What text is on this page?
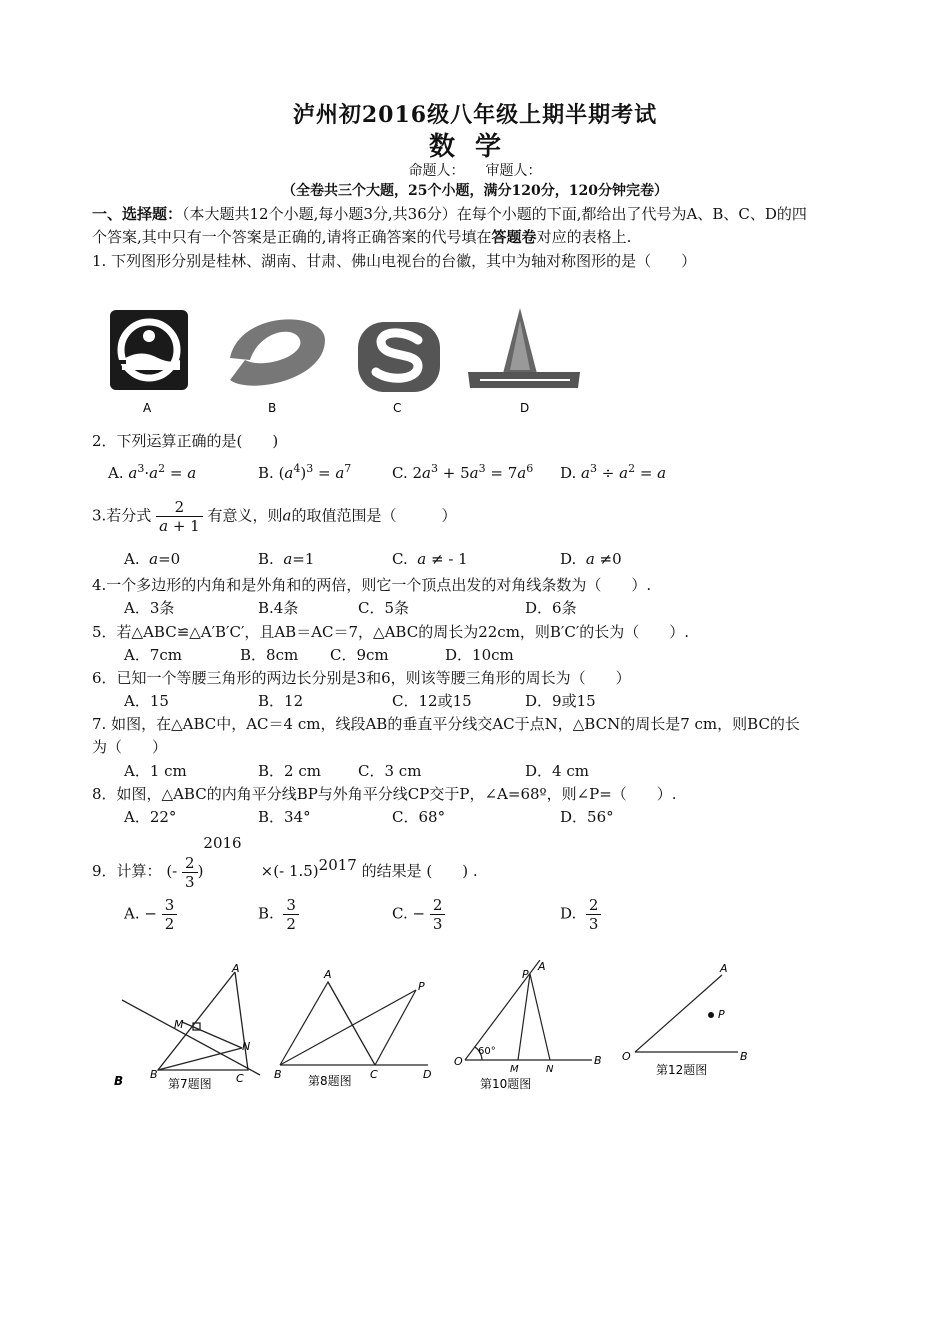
泸州初2016级八年级上期半期考试
数学
命题人：　　审题人：
（全卷共三个大题，25个小题，满分120分，120分钟完卷）
一、选择题：（本大题共12个小题,每小题3分,共36分）在每个小题的下面,都给出了代号为A、B、C、D的四
个答案,其中只有一个答案是正确的,请将正确答案的代号填在答题卷对应的表格上.
1. 下列图形分别是桂林、湖南、甘肃、佛山电视台的台徽，其中为轴对称图形的是（　　）
A	B	C	D
2．下列运算正确的是(　　)
A. $a^3\cdot a^2 = a$	B. $(a^4)^3 = a^7$	C. $2a^3 + 5a^3 = 7a^6$ D. $a^3 \div a^2 = a$
3.若分式 $\frac{2}{a + 1}$ 有意义，则a的取值范围是（　　　）
A. a=0	B. a=1	C. a ≠ - 1	D. a ≠0
4.一个多边形的内角和是外角和的两倍，则它一个顶点出发的对角线条数为（　　）.
A．3条	B.4条	C．5条	D．6条
5．若△ABC≌△A′B′C′，且AB＝AC＝7，△ABC的周长为22cm，则B′C′的长为（　　）.
A．7cm	B．8cm C．9cm	D．10cm
6．已知一个等腰三角形的两边长分别是3和6，则该等腰三角形的周长为（　　）
A．15	B．12	C．12或15	D．9或15
7. 如图，在△ABC中，AC＝4 cm，线段AB的垂直平分线交AC于点N，△BCN的周长是7 cm，则BC的长
为（　　）
A．1 cm	B．2 cm C．3 cm	D．4 cm
8．如图，△ABC的内角平分线BP与外角平分线CP交于P，∠A=68º，则∠P=（　　）.
A．22°	B．34°	C．68°	D．56°
9．计算： (- $\frac{2}{3} )^{2016}$    ×(- 1.5)$^{2017}$ 的结果是 (　　) .
A. − $\frac{3}{2}$	B. $\frac{3}{2}$	C. − $\frac{2}{3}$	D. $\frac{2}{3}$
A
M
N
B	C
B	第7题图
A
P
B	C	D
第8题图
A
P
O
60°
M	N
B
第10题图
P
A
O	B
第12题图
